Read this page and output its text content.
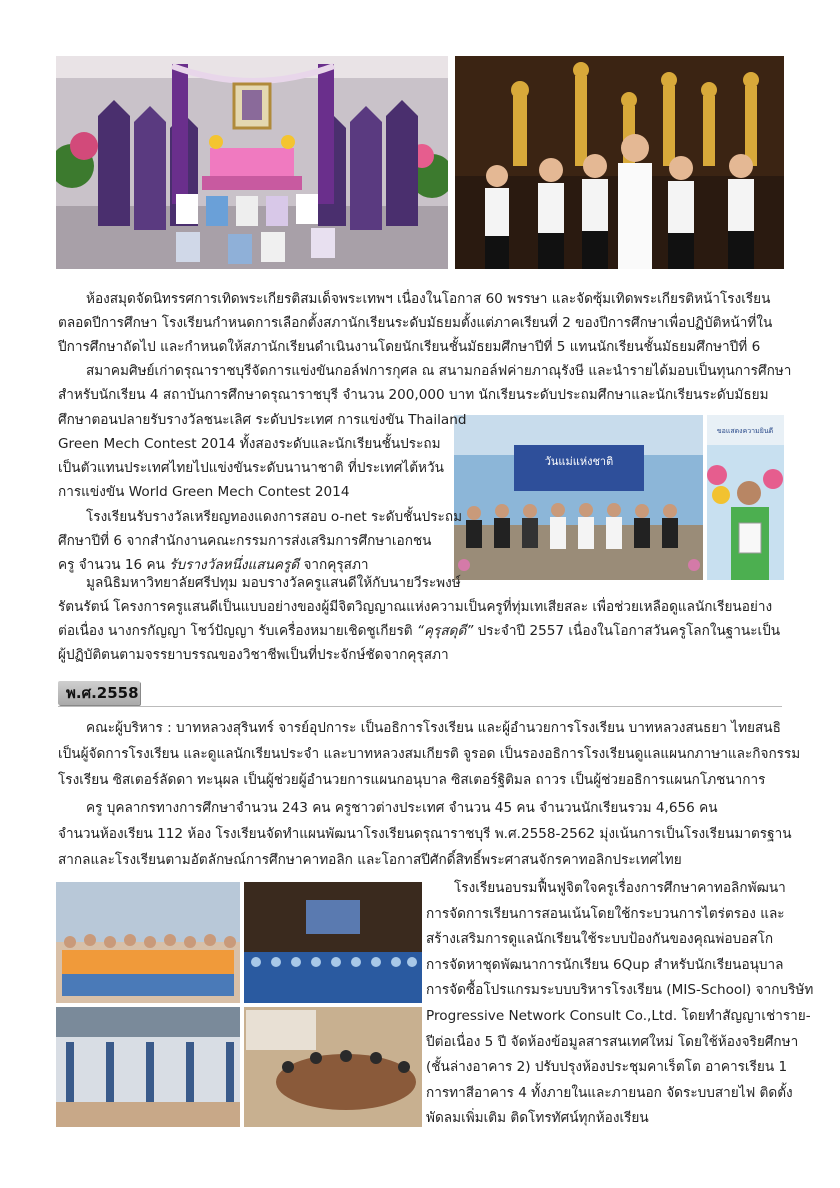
วันแม่แห่งชาติ
ขอแสดงความยินดี
ห้องสมุดจัดนิทรรศการเทิดพระเกียรติสมเด็จพระเทพฯ เนื่องในโอกาส 60 พรรษา และจัดซุ้มเทิดพระเกียรติหน้าโรงเรียน
ตลอดปีการศึกษา โรงเรียนกำหนดการเลือกตั้งสภานักเรียนระดับมัธยมตั้งแต่ภาคเรียนที่ 2 ของปีการศึกษาเพื่อปฏิบัติหน้าที่ใน
ปีการศึกษาถัดไป และกำหนดให้สภานักเรียนดำเนินงานโดยนักเรียนชั้นมัธยมศึกษาปีที่ 5 แทนนักเรียนชั้นมัธยมศึกษาปีที่ 6
สมาคมศิษย์เก่าดรุณาราชบุรีจัดการแข่งขันกอล์ฟการกุศล ณ สนามกอล์ฟค่ายภาณุรังษี และนำรายได้มอบเป็นทุนการศึกษา
สำหรับนักเรียน 4 สถาบันการศึกษาดรุณาราชบุรี จำนวน 200,000 บาท นักเรียนระดับประถมศึกษาและนักเรียนระดับมัธยม
ศึกษาตอนปลายรับรางวัลชนะเลิศ ระดับประเทศ การแข่งขัน Thailand
Green Mech Contest 2014 ทั้งสองระดับและนักเรียนชั้นประถม
เป็นตัวแทนประเทศไทยไปแข่งขันระดับนานาชาติ ที่ประเทศไต้หวัน
การแข่งขัน World Green Mech Contest 2014
โรงเรียนรับรางวัลเหรียญทองแดงการสอบ o-net ระดับชั้นประถม
ศึกษาปีที่ 6 จากสำนักงานคณะกรรมการส่งเสริมการศึกษาเอกชน
ครู จำนวน 16 คน รับรางวัลหนึ่งแสนครูดี จากคุรุสภา
มูลนิธิมหาวิทยาลัยศรีปทุม มอบรางวัลครูแสนดีให้กับนายวีระพงษ์
รัตนรัตน์ โครงการครูแสนดีเป็นแบบอย่างของผู้มีจิตวิญญาณแห่งความเป็นครูที่ทุ่มเทเสียสละ เพื่อช่วยเหลือดูแลนักเรียนอย่าง
ต่อเนื่อง นางกรกัญญา โชว์ปัญญา รับเครื่องหมายเชิดชูเกียรติ “คุรุสดุดี” ประจำปี 2557 เนื่องในโอกาสวันครูโลกในฐานะเป็น
ผู้ปฏิบัติตนตามจรรยาบรรณของวิชาชีพเป็นที่ประจักษ์ชัดจากคุรุสภา
พ.ศ.2558
คณะผู้บริหาร : บาทหลวงสุรินทร์ จารย์อุปการะ เป็นอธิการโรงเรียน และผู้อำนวยการโรงเรียน บาทหลวงสนธยา ไทยสนธิ
เป็นผู้จัดการโรงเรียน และดูแลนักเรียนประจำ และบาทหลวงสมเกียรติ จูรอด เป็นรองอธิการโรงเรียนดูแลแผนกภาษาและกิจกรรม
โรงเรียน ซิสเตอร์ลัดดา ทะนุผล เป็นผู้ช่วยผู้อำนวยการแผนกอนุบาล ซิสเตอร์ฐิติมล ถาวร เป็นผู้ช่วยอธิการแผนกโภชนาการ
ครู บุคลากรทางการศึกษาจำนวน 243 คน ครูชาวต่างประเทศ จำนวน 45 คน จำนวนนักเรียนรวม 4,656 คน
จำนวนห้องเรียน 112 ห้อง โรงเรียนจัดทำแผนพัฒนาโรงเรียนดรุณาราชบุรี พ.ศ.2558-2562 มุ่งเน้นการเป็นโรงเรียนมาตรฐาน
สากลและโรงเรียนตามอัตลักษณ์การศึกษาคาทอลิก และโอกาสปีศักดิ์สิทธิ์พระศาสนจักรคาทอลิกประเทศไทย
โรงเรียนอบรมฟื้นฟูจิตใจครูเรื่องการศึกษาคาทอลิกพัฒนา
การจัดการเรียนการสอนเน้นโดยใช้กระบวนการไตร่ตรอง และ
สร้างเสริมการดูแลนักเรียนใช้ระบบป้องกันของคุณพ่อบอสโก
การจัดหาชุดพัฒนาการนักเรียน 6Qup สำหรับนักเรียนอนุบาล
การจัดซื้อโปรแกรมระบบบริหารโรงเรียน (MIS-School) จากบริษัท
Progressive Network Consult Co.,Ltd. โดยทำสัญญาเช่าราย-
ปีต่อเนื่อง 5 ปี จัดห้องข้อมูลสารสนเทศใหม่ โดยใช้ห้องจริยศึกษา
(ชั้นล่างอาคาร 2) ปรับปรุงห้องประชุมคาเร็ตโต อาคารเรียน 1
การทาสีอาคาร 4 ทั้งภายในและภายนอก จัดระบบสายไฟ ติดตั้ง
พัดลมเพิ่มเติม ติดโทรทัศน์ทุกห้องเรียน
